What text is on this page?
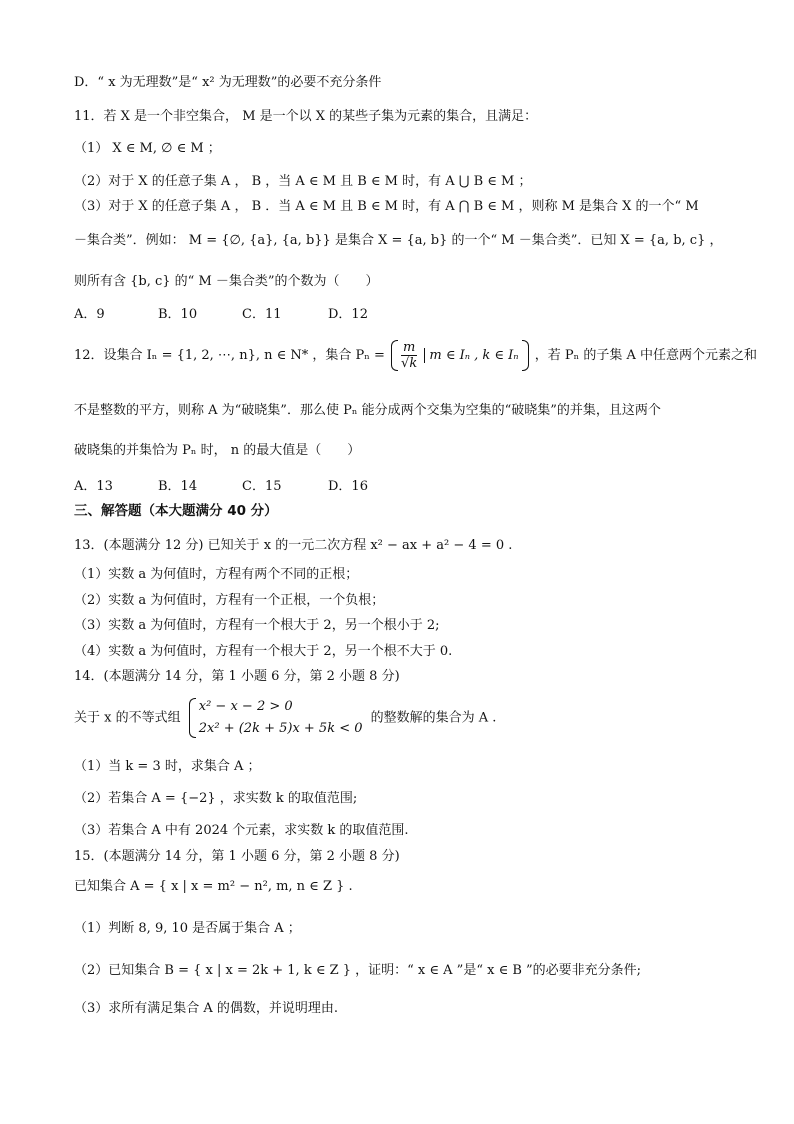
D．“ x 为无理数”是“ x² 为无理数”的必要不充分条件
11．若 X 是一个非空集合， M 是一个以 X 的某些子集为元素的集合，且满足：
（1） X ∈ M, ∅ ∈ M ；
（2）对于 X 的任意子集 A ， B ，当 A ∈ M 且 B ∈ M 时，有 A ⋃ B ∈ M ；
（3）对于 X 的任意子集 A ， B ．当 A ∈ M 且 B ∈ M 时，有 A ⋂ B ∈ M ，则称 M 是集合 X 的一个“ M
－集合类”．例如： M = {∅, {a}, {a, b}} 是集合 X = {a, b} 的一个“ M －集合类”．已知 X = {a, b, c} ，
则所有含 {b, c} 的“ M －集合类”的个数为（　　）
A．9	B．10	C．11	D．12
12．设集合 Iₙ = {1, 2, ⋯, n}, n ∈ N* ，集合 $P_n = \frac{m}{√k}$ m ∈ Iₙ , k ∈ Iₙ ，若 Pₙ 的子集 A 中任意两个元素之和
不是整数的平方，则称 A 为“破晓集”．那么使 Pₙ 能分成两个交集为空集的“破晓集”的并集，且这两个
破晓集的并集恰为 Pₙ 时， n 的最大值是（　　）
A．13	B．14	C．15	D．16
三、解答题（本大题满分 40 分）
13．(本题满分 12 分) 已知关于 x 的一元二次方程 x² − ax + a² − 4 = 0 .
（1）实数 a 为何值时，方程有两个不同的正根；
（2）实数 a 为何值时，方程有一个正根，一个负根；
（3）实数 a 为何值时，方程有一个根大于 2，另一个根小于 2;
（4）实数 a 为何值时，方程有一个根大于 2，另一个根不大于 0.
14．(本题满分 14 分，第 1 小题 6 分，第 2 小题 8 分)
关于 x 的不等式组
x² − x − 2 > 0
2x² + (2k + 5)x + 5k < 0
的整数解的集合为 A .
（1）当 k = 3 时，求集合 A ；
（2）若集合 A = {−2} ，求实数 k 的取值范围;
（3）若集合 A 中有 2024 个元素，求实数 k 的取值范围.
15．(本题满分 14 分，第 1 小题 6 分，第 2 小题 8 分)
已知集合 A = { x | x = m² − n², m, n ∈ Z } .
（1）判断 8, 9, 10 是否属于集合 A ；
（2）已知集合 B = { x | x = 2k + 1, k ∈ Z } ，证明：“ x ∈ A ”是“ x ∈ B ”的必要非充分条件;
（3）求所有满足集合 A 的偶数，并说明理由.
